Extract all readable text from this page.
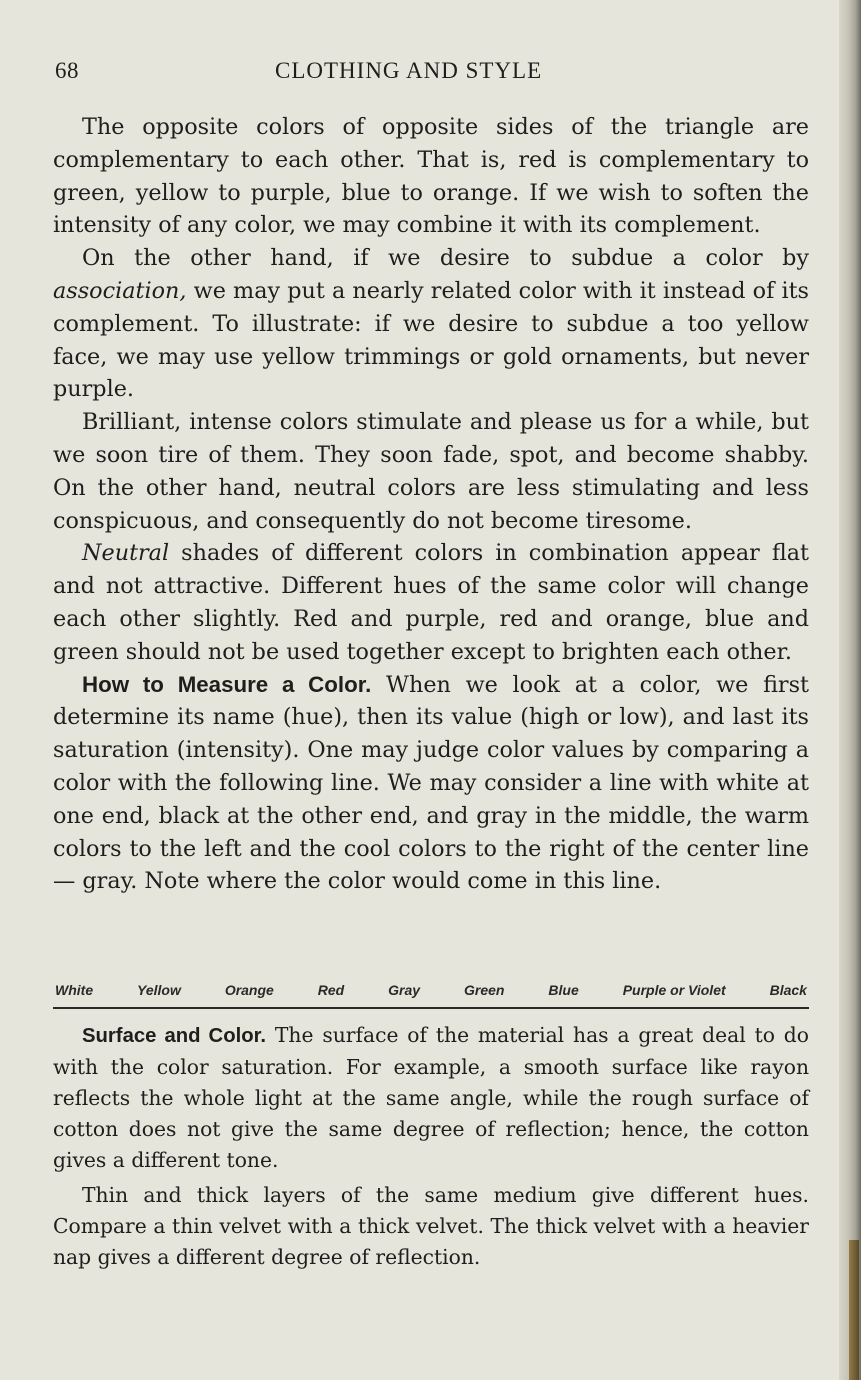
68	CLOTHING AND STYLE

The opposite colors of opposite sides of the triangle are complementary to each other. That is, red is complementary to green, yellow to purple, blue to orange. If we wish to soften the intensity of any color, we may combine it with its complement.

On the other hand, if we desire to subdue a color by association, we may put a nearly related color with it instead of its complement. To illustrate: if we desire to subdue a too yellow face, we may use yellow trimmings or gold ornaments, but never purple.

Brilliant, intense colors stimulate and please us for a while, but we soon tire of them. They soon fade, spot, and become shabby. On the other hand, neutral colors are less stimulating and less conspicuous, and consequently do not become tiresome.

Neutral shades of different colors in combination appear flat and not attractive. Different hues of the same color will change each other slightly. Red and purple, red and orange, blue and green should not be used together except to brighten each other.

How to Measure a Color. When we look at a color, we first determine its name (hue), then its value (high or low), and last its saturation (intensity). One may judge color values by comparing a color with the following line. We may consider a line with white at one end, black at the other end, and gray in the middle, the warm colors to the left and the cool colors to the right of the center line — gray. Note where the color would come in this line.

White	Yellow	Orange	Red	Gray	Green	Blue	Purple or Violet	Black

Surface and Color. The surface of the material has a great deal to do with the color saturation. For example, a smooth surface like rayon reflects the whole light at the same angle, while the rough surface of cotton does not give the same degree of reflection; hence, the cotton gives a different tone.

Thin and thick layers of the same medium give different hues. Compare a thin velvet with a thick velvet. The thick velvet with a heavier nap gives a different degree of reflection.
